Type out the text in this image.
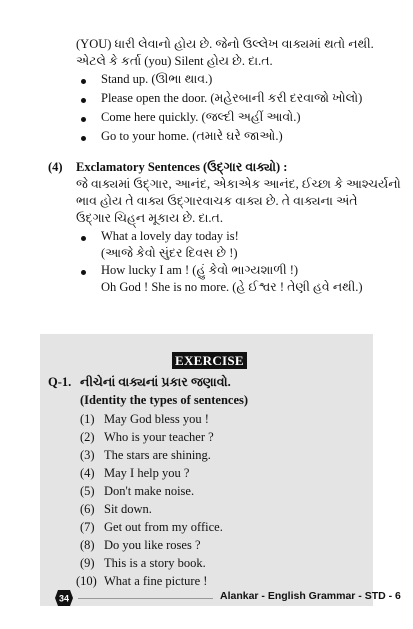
(YOU) ધારી લેવાનો હોય છે. જેનો ઉલ્લેખ વાક્યમાં થતો નથી.
એટલે કે કર્તા (you) Silent હોય છે. દા.ત.
Stand up. (ઊભા થાવ.)
Please open the door. (મહેરબાની કરી દરવાજો ખોલો)
Come here quickly. (જલ્દી અહીં આવો.)
Go to your home. (તમારે ઘરે જાઓ.)
(4) Exclamatory Sentences (ઉદ્‌ગાર વાક્યો) :
જે વાક્યમાં ઉદ્‌ગાર, આનંદ, એકાએક આનંદ, ઈચ્છા કે આશ્ચર્યનો
ભાવ હોય તે વાક્ય ઉદ્‌ગારવાચક વાક્ય છે. તે વાક્યના અંતે
ઉદ્‌ગાર ચિહ્‌ન મૂકાય છે. દા.ત.
What a lovely day today is!
(આજે કેવો સુંદર દિવસ છે !)
How lucky I am ! (હું કેવો ભાગ્યશાળી !)
Oh God ! She is no more. (હે ઈશ્વર ! તેણી હવે નથી.)
EXERCISE
Q-1. નીચેનાં વાક્યનાં પ્રકાર જણાવો.
(Identity the types of sentences)
(1) May God bless you !
(2) Who is your teacher ?
(3) The stars are shining.
(4) May I help you ?
(5) Don't make noise.
(6) Sit down.
(7) Get out from my office.
(8) Do you like roses ?
(9) This is a story book.
(10) What a fine picture !
34	Alankar - English Grammar - STD - 6
